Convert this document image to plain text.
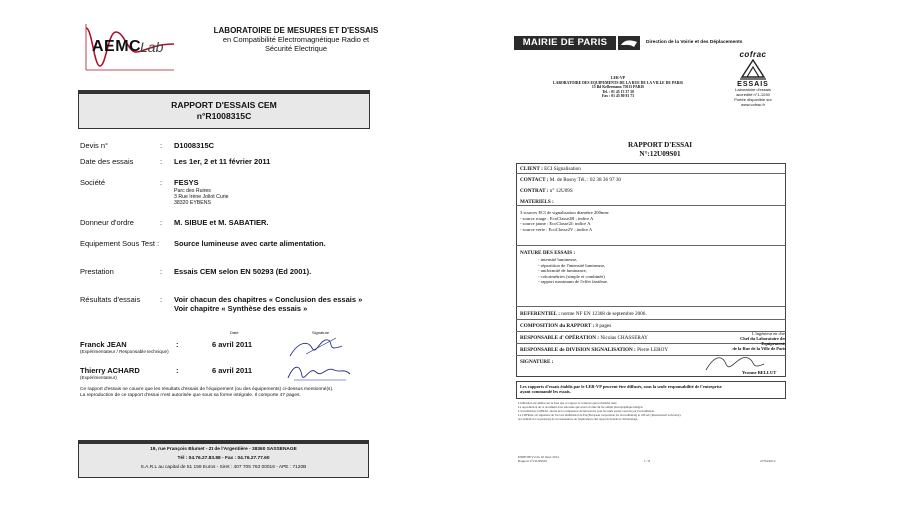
AEMC
Lab
LABORATOIRE DE MESURES ET D'ESSAIS
en Compatibilité Electromagnétique Radio et
Sécurité Electrique
RAPPORT D'ESSAIS CEM
n°R1008315C
Devis n°	: D1008315C
Date des essais	: Les 1er, 2 et 11 février 2011
Société	: FESYS
Parc des Ruires
3 Rue Irène Joliot Curie
38320 EYBENS
Donneur d'ordre	: M. SIBUE et M. SABATIER.
Equipement Sous Test :	Source lumineuse avec carte alimentation.
Prestation	: Essais CEM selon EN 50293 (Ed 2001).
Résultats d'essais	: Voir chacun des chapitres « Conclusion des essais »
Voir chapitre « Synthèse des essais »
Date	Signature
Franck JEAN
(Expérimentateur / Responsable technique)
:	6 avril 2011
Thierry ACHARD
(Expérimentateur)
:	6 avril 2011
Ce rapport d'essais ne couvre que les résultats d'essais de l'équipement (ou des équipements) ci-dessus mentionné(s).
La reproduction de ce rapport d'essai n'est autorisée que sous sa forme intégrale. Il comporte 47 pages.
19, rue François Blumet - ZI de l'Argentière - 38360 SASSENAGE
Tél : 04.76.27.83.88 - Fax : 04.76.27.77.60
S.A.R.L au capital de 51 159 Euros - Siret : 407 705 763 00016 - APE : 7120B
MAIRIE DE PARIS	Direction de la Voirie et des Déplacements
cofrac
ESSAIS
Laboratoire d'essais
accrédité n°1-1030
Portée disponible sur
www.cofrac.fr
LER-VP
LABORATOIRE DES EQUIPEMENTS DE LA RUE DE LA VILLE DE PARIS
15 Bd Kellermann 75013 PARIS
Tel. : 01 45 13 37 30
Fax : 01 45 80 81 73
RAPPORT D'ESSAI
N°:12U09S01
CLIENT : ECI Signalisation
CONTACT : M. de Rosny Tél. : 02 38 36 97 30
CONTRAT : n° 12U09S
MATERIELS :
3 sources ECI de signalisation diamètre 200mm:
- source rouge : EcoClasse2R ; indice A
- source jaune : EcoClasse2J; indice A
- source verte : EcoClasse2V ; indice A
NATURE DES ESSAIS :
- intensité lumineuse,
- répartition de l'intensité lumineuse,
- uniformité de luminance,
- colorimétries (simple et combinée)
- rapport maximum de l'effet fantôme.
REFERENTIEL : norme NF EN 12368 de septembre 2006.
COMPOSITION du RAPPORT : 8 pages
RESPONSABLE d' OPÉRATION : Nicolas CHASSERAY
RESPONSABLE de DIVISION SIGNALISATION : Pierre LEROY
SIGNATURE :
L'ingénieur en chef
Chef du Laboratoire des Equipements
de la Rue de la Ville de Paris
Yvonne BELLUT
Les rapports d'essais établis par le LER-VP peuvent être diffusés, sous la seule responsabilité de l'entreprise
ayant commandé les essais.
L'utilisation est admise sur la base que ce rapport se conserve que le matériel testé.
La reproduction de ce document n'est autorisée que sous la forme du fac-similé photographique intégral.
L'accréditation COFRAC atteste de la compétence du laboratoire pour les seuls essais couverts par l'accréditation.
Le COFRAC est signataire de l'accord multilatéral de EA (European cooperation for Accreditation) et d'ILAC (International Laboratory
Accreditation Cooperation) de reconnaissance de l'équivalence des rapports d'essais et d'étalonnage.
DSPE/88 V4 du 10 mars 2012
Rapport n°12U09S01	1 / 8	27/04/2012
